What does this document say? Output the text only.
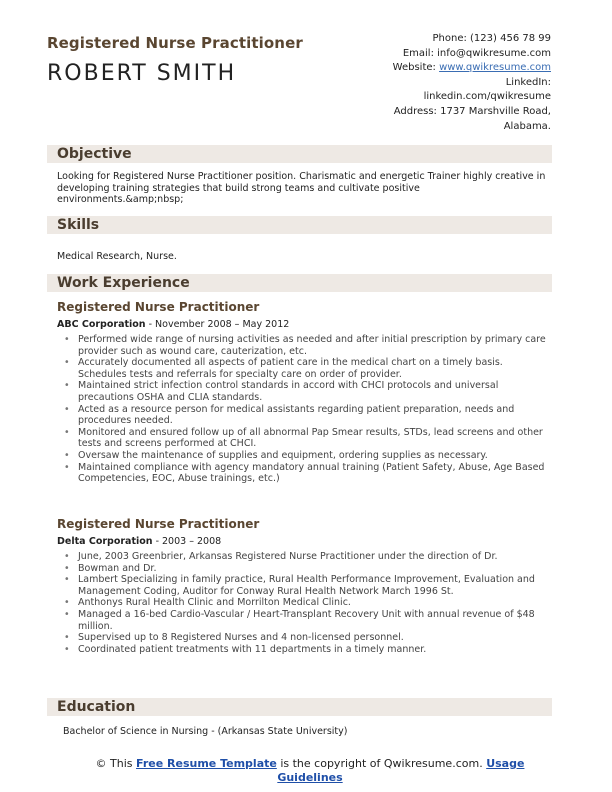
Registered Nurse Practitioner
ROBERT SMITH
Phone: (123) 456 78 99
Email: info@qwikresume.com
Website: www.qwikresume.com
LinkedIn:
linkedin.com/qwikresume
Address: 1737 Marshville Road,
Alabama.
Objective
Looking for Registered Nurse Practitioner position. Charismatic and energetic Trainer highly creative in developing training strategies that build strong teams and cultivate positive environments.&amp;nbsp;
Skills
Medical Research, Nurse.
Work Experience
Registered Nurse Practitioner
ABC Corporation - November 2008 – May 2012
• Performed wide range of nursing activities as needed and after initial prescription by primary care provider such as wound care, cauterization, etc.
• Accurately documented all aspects of patient care in the medical chart on a timely basis. Schedules tests and referrals for specialty care on order of provider.
• Maintained strict infection control standards in accord with CHCI protocols and universal precautions OSHA and CLIA standards.
• Acted as a resource person for medical assistants regarding patient preparation, needs and procedures needed.
• Monitored and ensured follow up of all abnormal Pap Smear results, STDs, lead screens and other tests and screens performed at CHCI.
• Oversaw the maintenance of supplies and equipment, ordering supplies as necessary.
• Maintained compliance with agency mandatory annual training (Patient Safety, Abuse, Age Based Competencies, EOC, Abuse trainings, etc.)
Registered Nurse Practitioner
Delta Corporation - 2003 – 2008
• June, 2003 Greenbrier, Arkansas Registered Nurse Practitioner under the direction of Dr.
• Bowman and Dr.
• Lambert Specializing in family practice, Rural Health Performance Improvement, Evaluation and Management Coding, Auditor for Conway Rural Health Network March 1996 St.
• Anthonys Rural Health Clinic and Morrilton Medical Clinic.
• Managed a 16-bed Cardio-Vascular / Heart-Transplant Recovery Unit with annual revenue of $48 million.
• Supervised up to 8 Registered Nurses and 4 non-licensed personnel.
• Coordinated patient treatments with 11 departments in a timely manner.
Education
Bachelor of Science in Nursing - (Arkansas State University)
© This Free Resume Template is the copyright of Qwikresume.com. Usage
Guidelines
